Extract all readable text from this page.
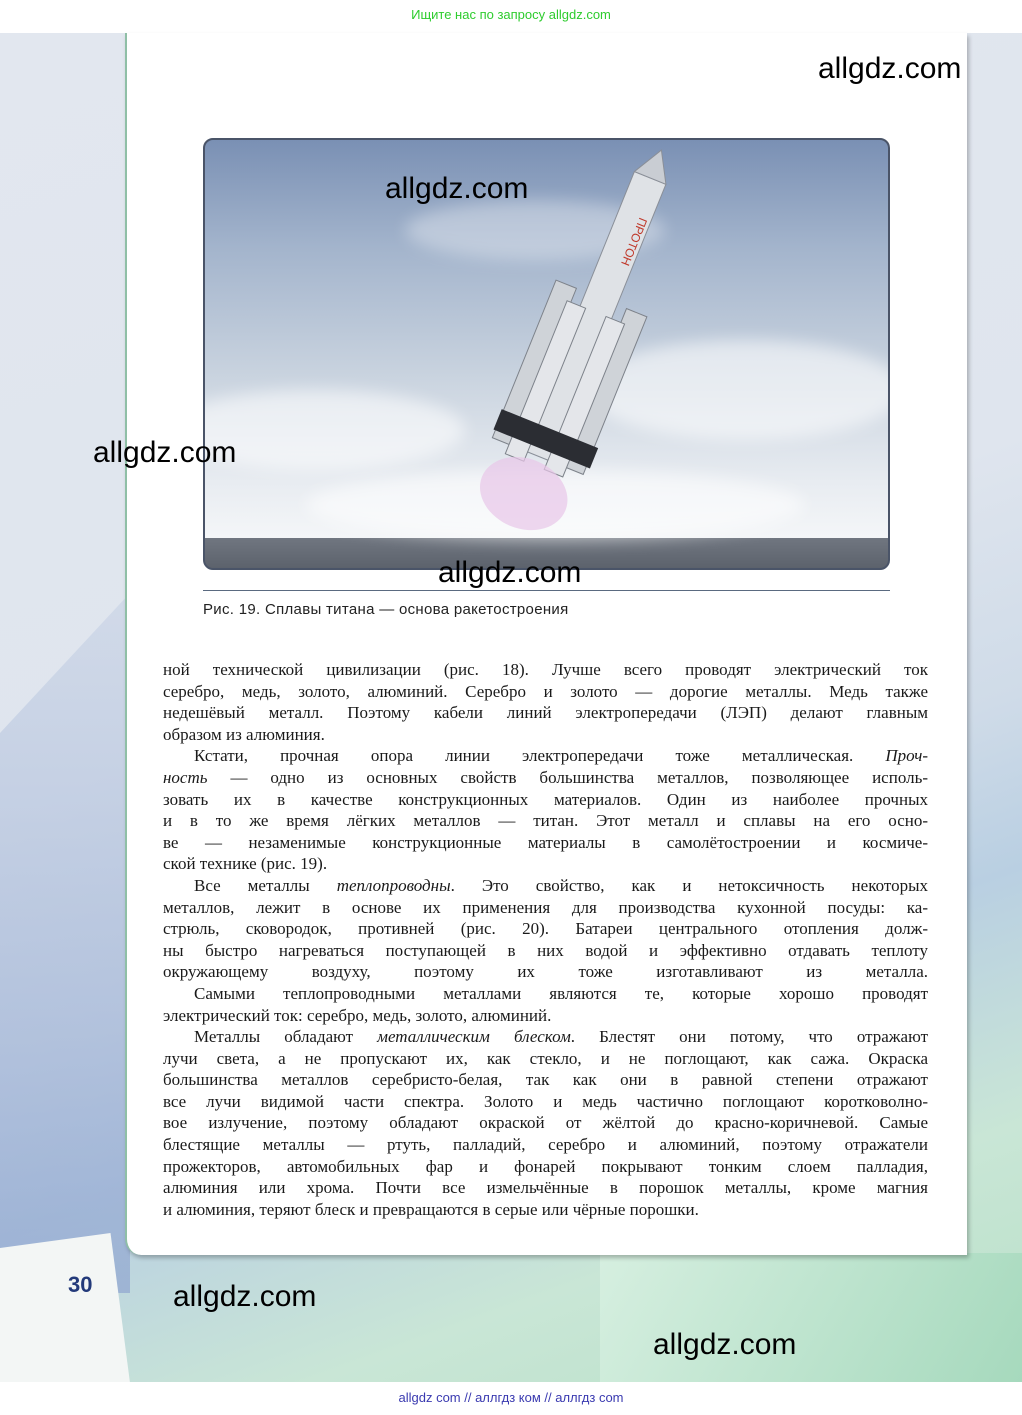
Ищите нас по запросу allgdz.com
ПРОТОН
Рис. 19. Сплавы титана — основа ракетостроения
ной технической цивилизации (рис. 18). Лучше всего проводят электрический ток
серебро, медь, золото, алюминий. Серебро и золото — дорогие металлы. Медь также
недешёвый металл. Поэтому кабели линий электропередачи (ЛЭП) делают главным
образом из алюминия.
Кстати, прочная опора линии электропередачи тоже металлическая. Проч-
ность — одно из основных свойств большинства металлов, позволяющее исполь-
зовать их в качестве конструкционных материалов. Один из наиболее прочных
и в то же время лёгких металлов — титан. Этот металл и сплавы на его осно-
ве — незаменимые конструкционные материалы в самолётостроении и космиче-
ской технике (рис. 19).
Все металлы теплопроводны. Это свойство, как и нетоксичность некоторых
металлов, лежит в основе их применения для производства кухонной посуды: ка-
стрюль, сковородок, противней (рис. 20). Батареи центрального отопления долж-
ны быстро нагреваться поступающей в них водой и эффективно отдавать теплоту
окружающему воздуху, поэтому их тоже изготавливают из металла.
Самыми теплопроводными металлами являются те, которые хорошо проводят
электрический ток: серебро, медь, золото, алюминий.
Металлы обладают металлическим блеском. Блестят они потому, что отражают
лучи света, а не пропускают их, как стекло, и не поглощают, как сажа. Окраска
большинства металлов серебристо-белая, так как они в равной степени отражают
все лучи видимой части спектра. Золото и медь частично поглощают коротковолно-
вое излучение, поэтому обладают окраской от жёлтой до красно-коричневой. Самые
блестящие металлы — ртуть, палладий, серебро и алюминий, поэтому отражатели
прожекторов, автомобильных фар и фонарей покрывают тонким слоем палладия,
алюминия или хрома. Почти все измельчённые в порошок металлы, кроме магния
и алюминия, теряют блеск и превращаются в серые или чёрные порошки.
30
allgdz.com
allgdz.com
allgdz.com
allgdz.com
allgdz.com
allgdz.com
allgdz com // аллгдз ком // аллгдз com
